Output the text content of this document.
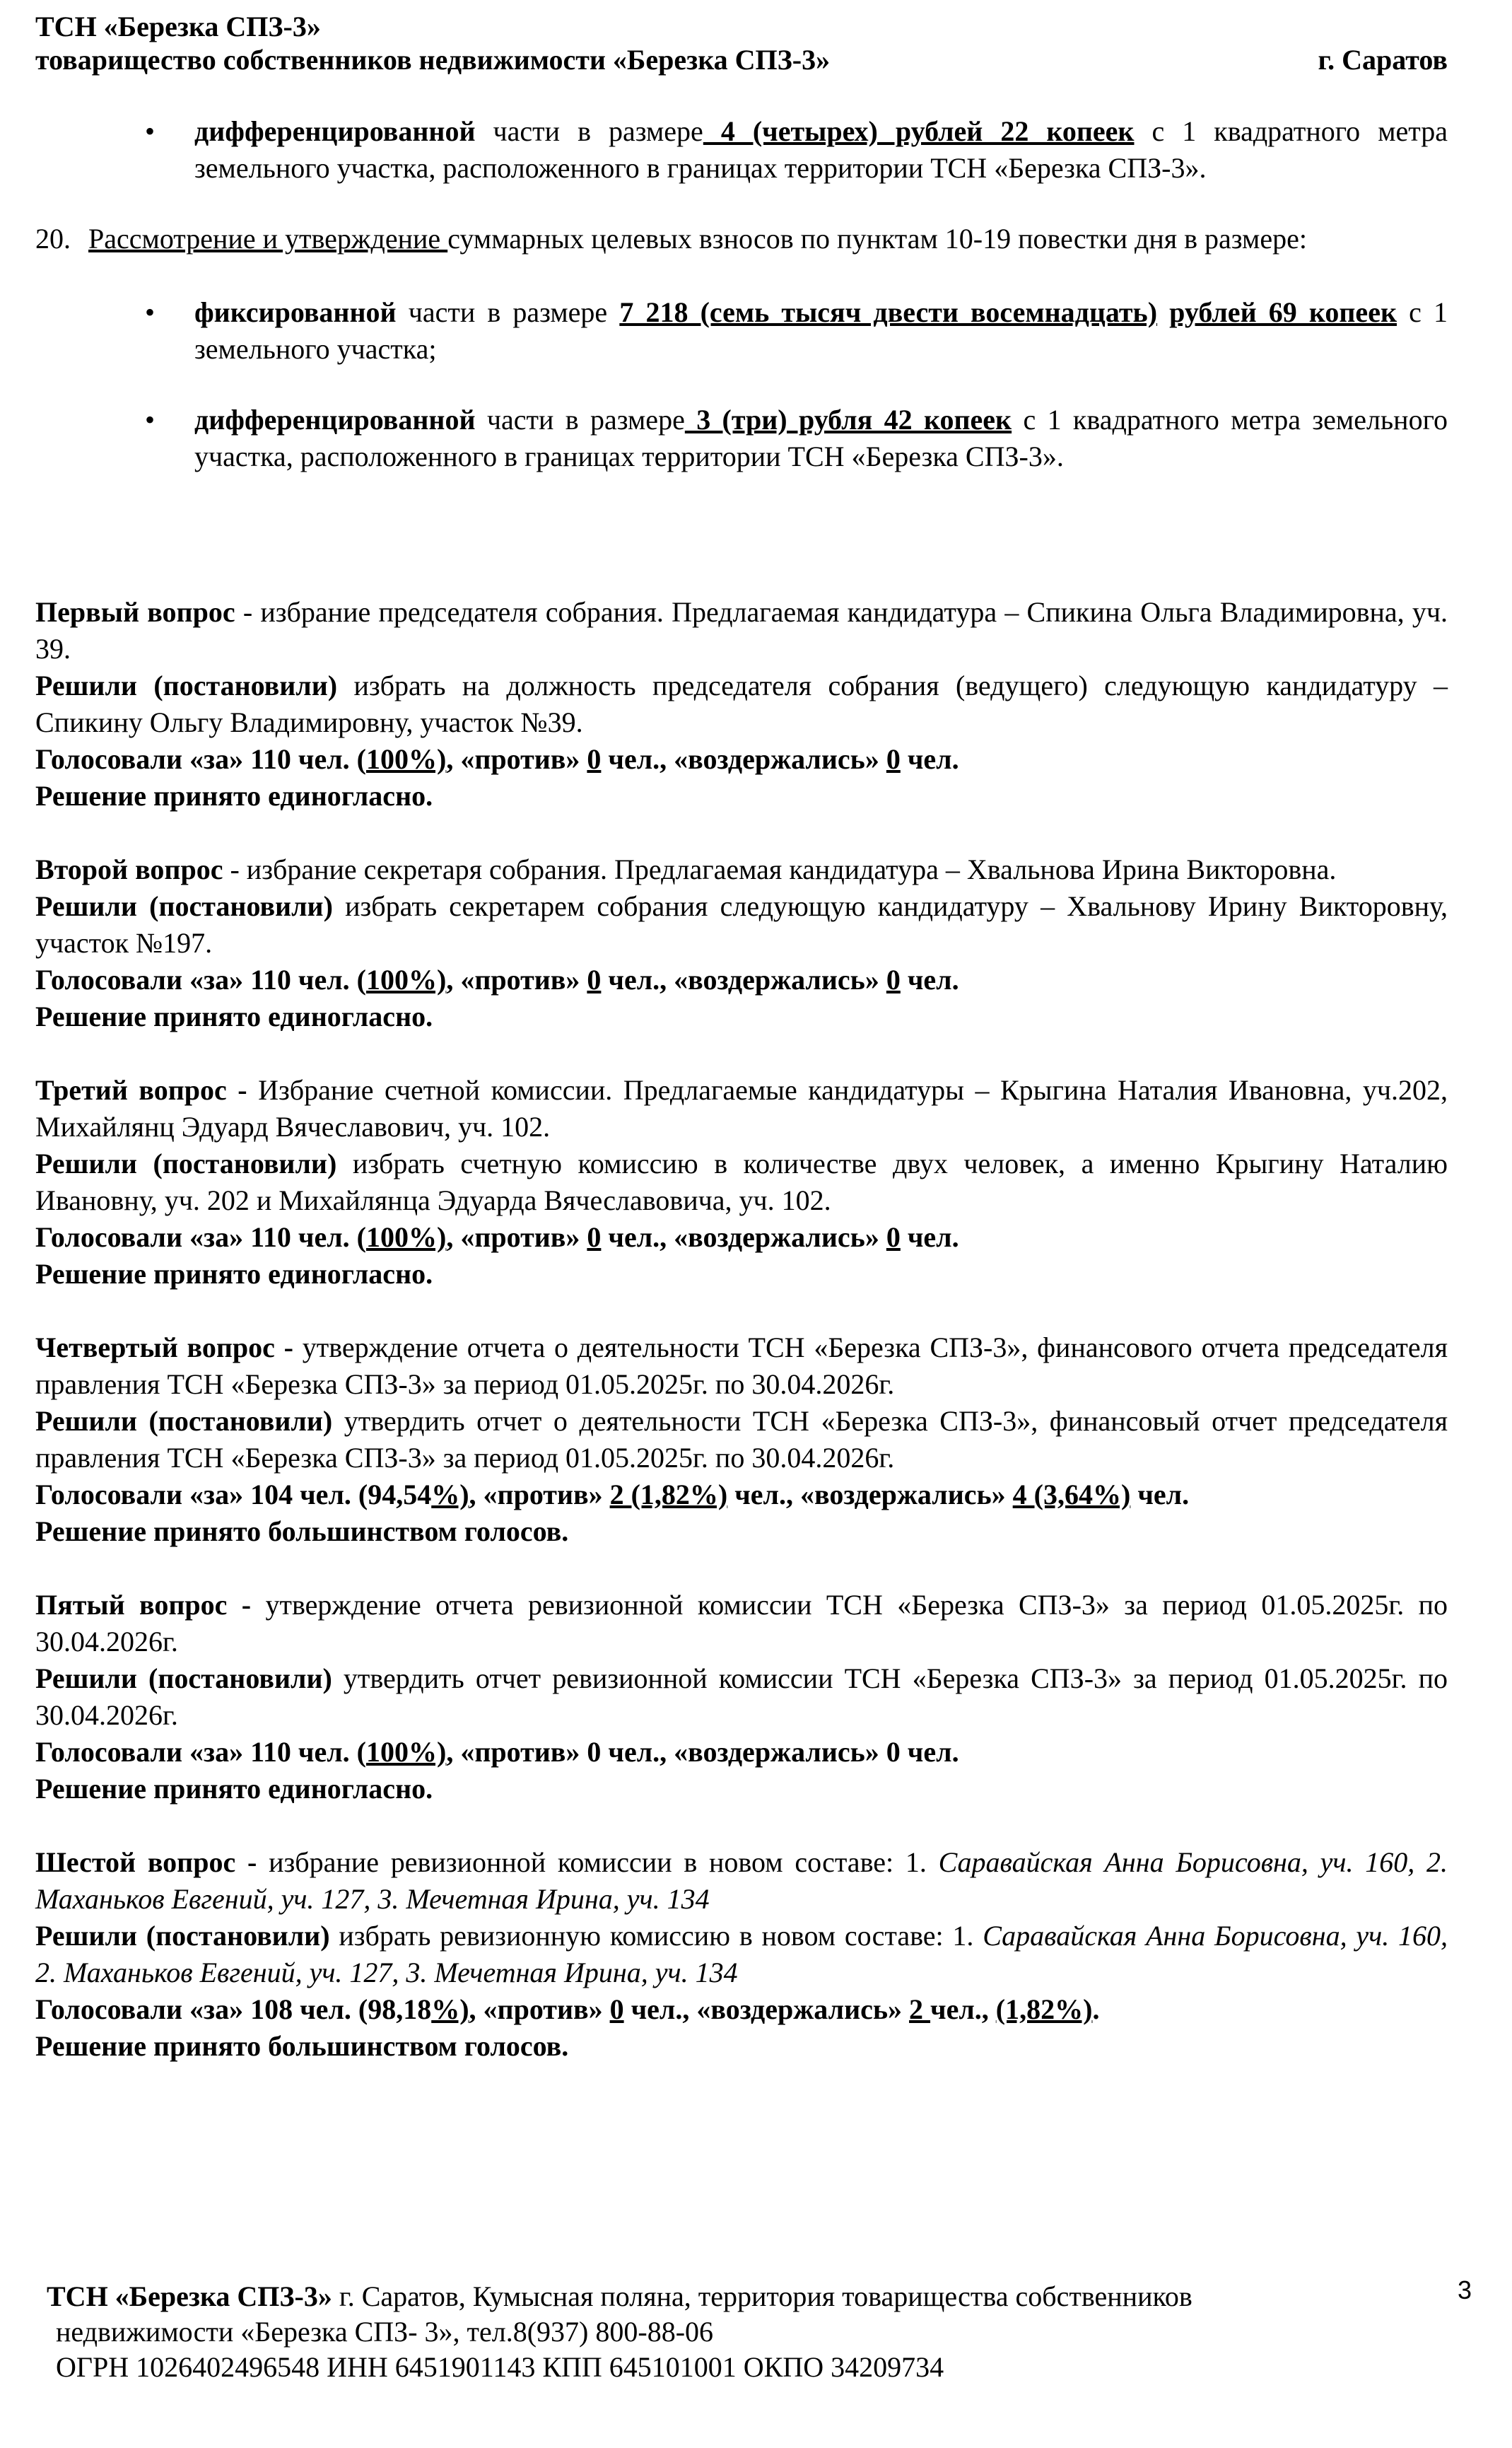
ТСН «Березка СПЗ-3»
товарищество собственников недвижимости «Березка СПЗ-3»	г. Саратов
• дифференцированной части в размере 4 (четырех) рублей 22 копеек с 1 квадратного метра земельного участка, расположенного в границах территории ТСН «Березка СПЗ-3».
20. Рассмотрение и утверждение суммарных целевых взносов по пунктам 10-19 повестки дня в размере:
• фиксированной части в размере 7 218 (семь тысяч двести восемнадцать) рублей 69 копеек с 1 земельного участка;
• дифференцированной части в размере 3 (три) рубля 42 копеек с 1 квадратного метра земельного участка, расположенного в границах территории ТСН «Березка СПЗ-3».

Первый вопрос - избрание председателя собрания. Предлагаемая кандидатура – Спикина Ольга Владимировна, уч. 39.

Решили (постановили) избрать на должность председателя собрания (ведущего) следующую кандидатуру – Спикину Ольгу Владимировну, участок №39.

Голосовали «за» 110 чел. (100%), «против» 0 чел., «воздержались» 0 чел.

Решение принято единогласно.

Второй вопрос - избрание секретаря собрания. Предлагаемая кандидатура – Хвальнова Ирина Викторовна.

Решили (постановили) избрать секретарем собрания следующую кандидатуру – Хвальнову Ирину Викторовну, участок №197.

Голосовали «за» 110 чел. (100%), «против» 0 чел., «воздержались» 0 чел.

Решение принято единогласно.

Третий вопрос - Избрание счетной комиссии. Предлагаемые кандидатуры – Крыгина Наталия Ивановна, уч.202, Михайлянц Эдуард Вячеславович, уч. 102.

Решили (постановили) избрать счетную комиссию в количестве двух человек, а именно Крыгину Наталию Ивановну, уч. 202 и Михайлянца Эдуарда Вячеславовича, уч. 102.

Голосовали «за» 110 чел. (100%), «против» 0 чел., «воздержались» 0 чел.

Решение принято единогласно.

Четвертый вопрос - утверждение отчета о деятельности ТСН «Березка СПЗ-3», финансового отчета председателя правления ТСН «Березка СПЗ-3» за период 01.05.2025г. по 30.04.2026г.

Решили (постановили) утвердить отчет о деятельности ТСН «Березка СПЗ-3», финансовый отчет председателя правления ТСН «Березка СПЗ-3» за период 01.05.2025г. по 30.04.2026г.

Голосовали «за» 104 чел. (94,54%), «против» 2 (1,82%) чел., «воздержались» 4 (3,64%) чел.

Решение принято большинством голосов.

Пятый вопрос - утверждение отчета ревизионной комиссии ТСН «Березка СПЗ-3» за период 01.05.2025г. по 30.04.2026г.

Решили (постановили) утвердить отчет ревизионной комиссии ТСН «Березка СПЗ-3» за период 01.05.2025г. по 30.04.2026г.

Голосовали «за» 110 чел. (100%), «против» 0 чел., «воздержались» 0 чел.

Решение принято единогласно.

Шестой вопрос - избрание ревизионной комиссии в новом составе: 1. Саравайская Анна Борисовна, уч. 160, 2. Маханьков Евгений, уч. 127, 3. Мечетная Ирина, уч. 134

Решили (постановили) избрать ревизионную комиссию в новом составе: 1. Саравайская Анна Борисовна, уч. 160, 2. Маханьков Евгений, уч. 127, 3. Мечетная Ирина, уч. 134

Голосовали «за» 108 чел. (98,18%), «против» 0 чел., «воздержались» 2 чел., (1,82%).

Решение принято большинством голосов.

3
ТСН «Березка СПЗ-3» г. Саратов, Кумысная поляна, территория товарищества собственников
недвижимости «Березка СПЗ- 3», тел.8(937) 800-88-06
ОГРН 1026402496548 ИНН 6451901143 КПП 645101001 ОКПО 34209734
